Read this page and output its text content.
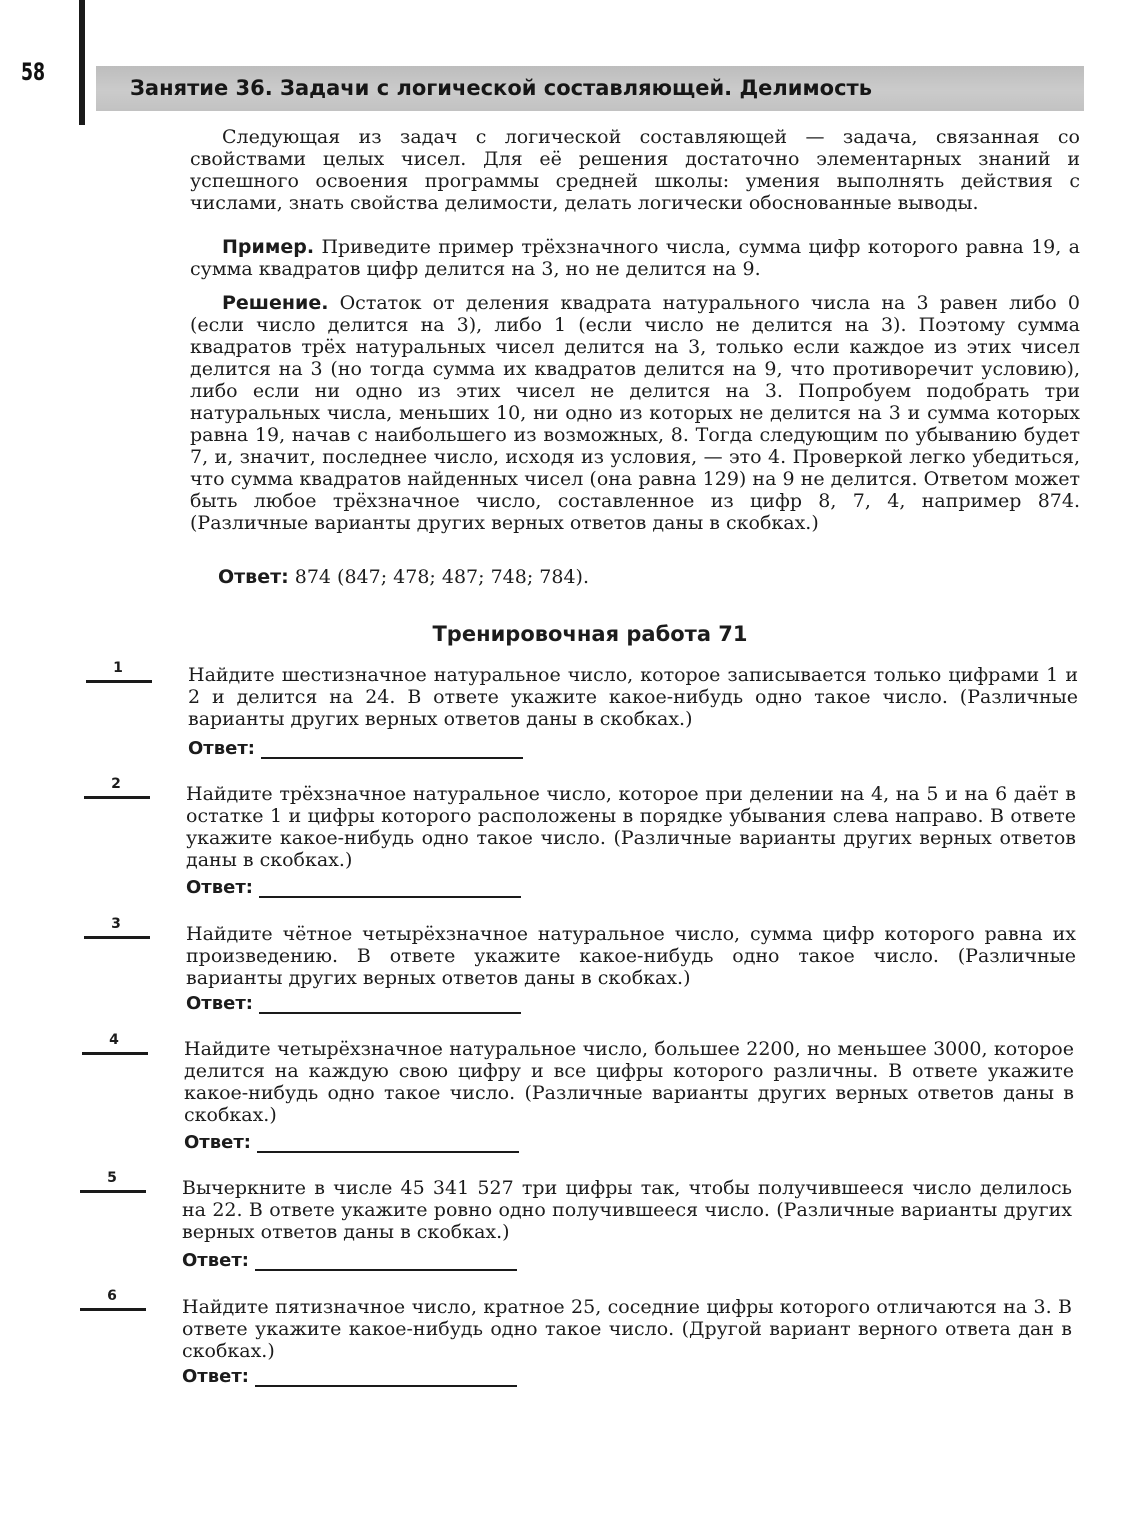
58
Занятие 36. Задачи с логической составляющей. Делимость

Следующая из задач с логической составляющей — задача, связанная со свойствами целых чисел. Для её решения достаточно элементарных знаний и успешного освоения программы средней школы: умения выполнять действия с числами, знать свойства делимости, делать логически обоснованные выводы.

Пример. Приведите пример трёхзначного числа, сумма цифр которого равна 19, а сумма квадратов цифр делится на 3, но не делится на 9.

Решение. Остаток от деления квадрата натурального числа на 3 равен либо 0 (если число делится на 3), либо 1 (если число не делится на 3). Поэтому сумма квадратов трёх натуральных чисел делится на 3, только если каждое из этих чисел делится на 3 (но тогда сумма их квадратов делится на 9, что противоречит условию), либо если ни одно из этих чисел не делится на 3. Попробуем подобрать три натуральных числа, меньших 10, ни одно из которых не делится на 3 и сумма которых равна 19, начав с наибольшего из возможных, 8. Тогда следующим по убыванию будет 7, и, значит, последнее число, исходя из условия, — это 4. Проверкой легко убедиться, что сумма квадратов найденных чисел (она равна 129) на 9 не делится. Ответом может быть любое трёхзначное число, составленное из цифр 8, 7, 4, например 874. (Различные варианты других верных ответов даны в скобках.)

Ответ: 874 (847; 478; 487; 748; 784).
Тренировочная работа 71
1	Найдите шестизначное натуральное число, которое записывается только цифрами 1 и 2 и делится на 24. В ответе укажите какое-нибудь одно такое число. (Различные варианты других верных ответов даны в скобках.)

Ответ:
2	Найдите трёхзначное натуральное число, которое при делении на 4, на 5 и на 6 даёт в остатке 1 и цифры которого расположены в порядке убывания слева направо. В ответе укажите какое-нибудь одно такое число. (Различные варианты других верных ответов даны в скобках.)

Ответ:
3	Найдите чётное четырёхзначное натуральное число, сумма цифр которого равна их произведению. В ответе укажите какое-нибудь одно такое число. (Различные варианты других верных ответов даны в скобках.)

Ответ:
4	Найдите четырёхзначное натуральное число, большее 2200, но меньшее 3000, которое делится на каждую свою цифру и все цифры которого различны. В ответе укажите какое-нибудь одно такое число. (Различные варианты других верных ответов даны в скобках.)

Ответ:
5	Вычеркните в числе 45 341 527 три цифры так, чтобы получившееся число делилось на 22. В ответе укажите ровно одно получившееся число. (Различные варианты других верных ответов даны в скобках.)

Ответ:
6	Найдите пятизначное число, кратное 25, соседние цифры которого отличаются на 3. В ответе укажите какое-нибудь одно такое число. (Другой вариант верного ответа дан в скобках.)

Ответ:
